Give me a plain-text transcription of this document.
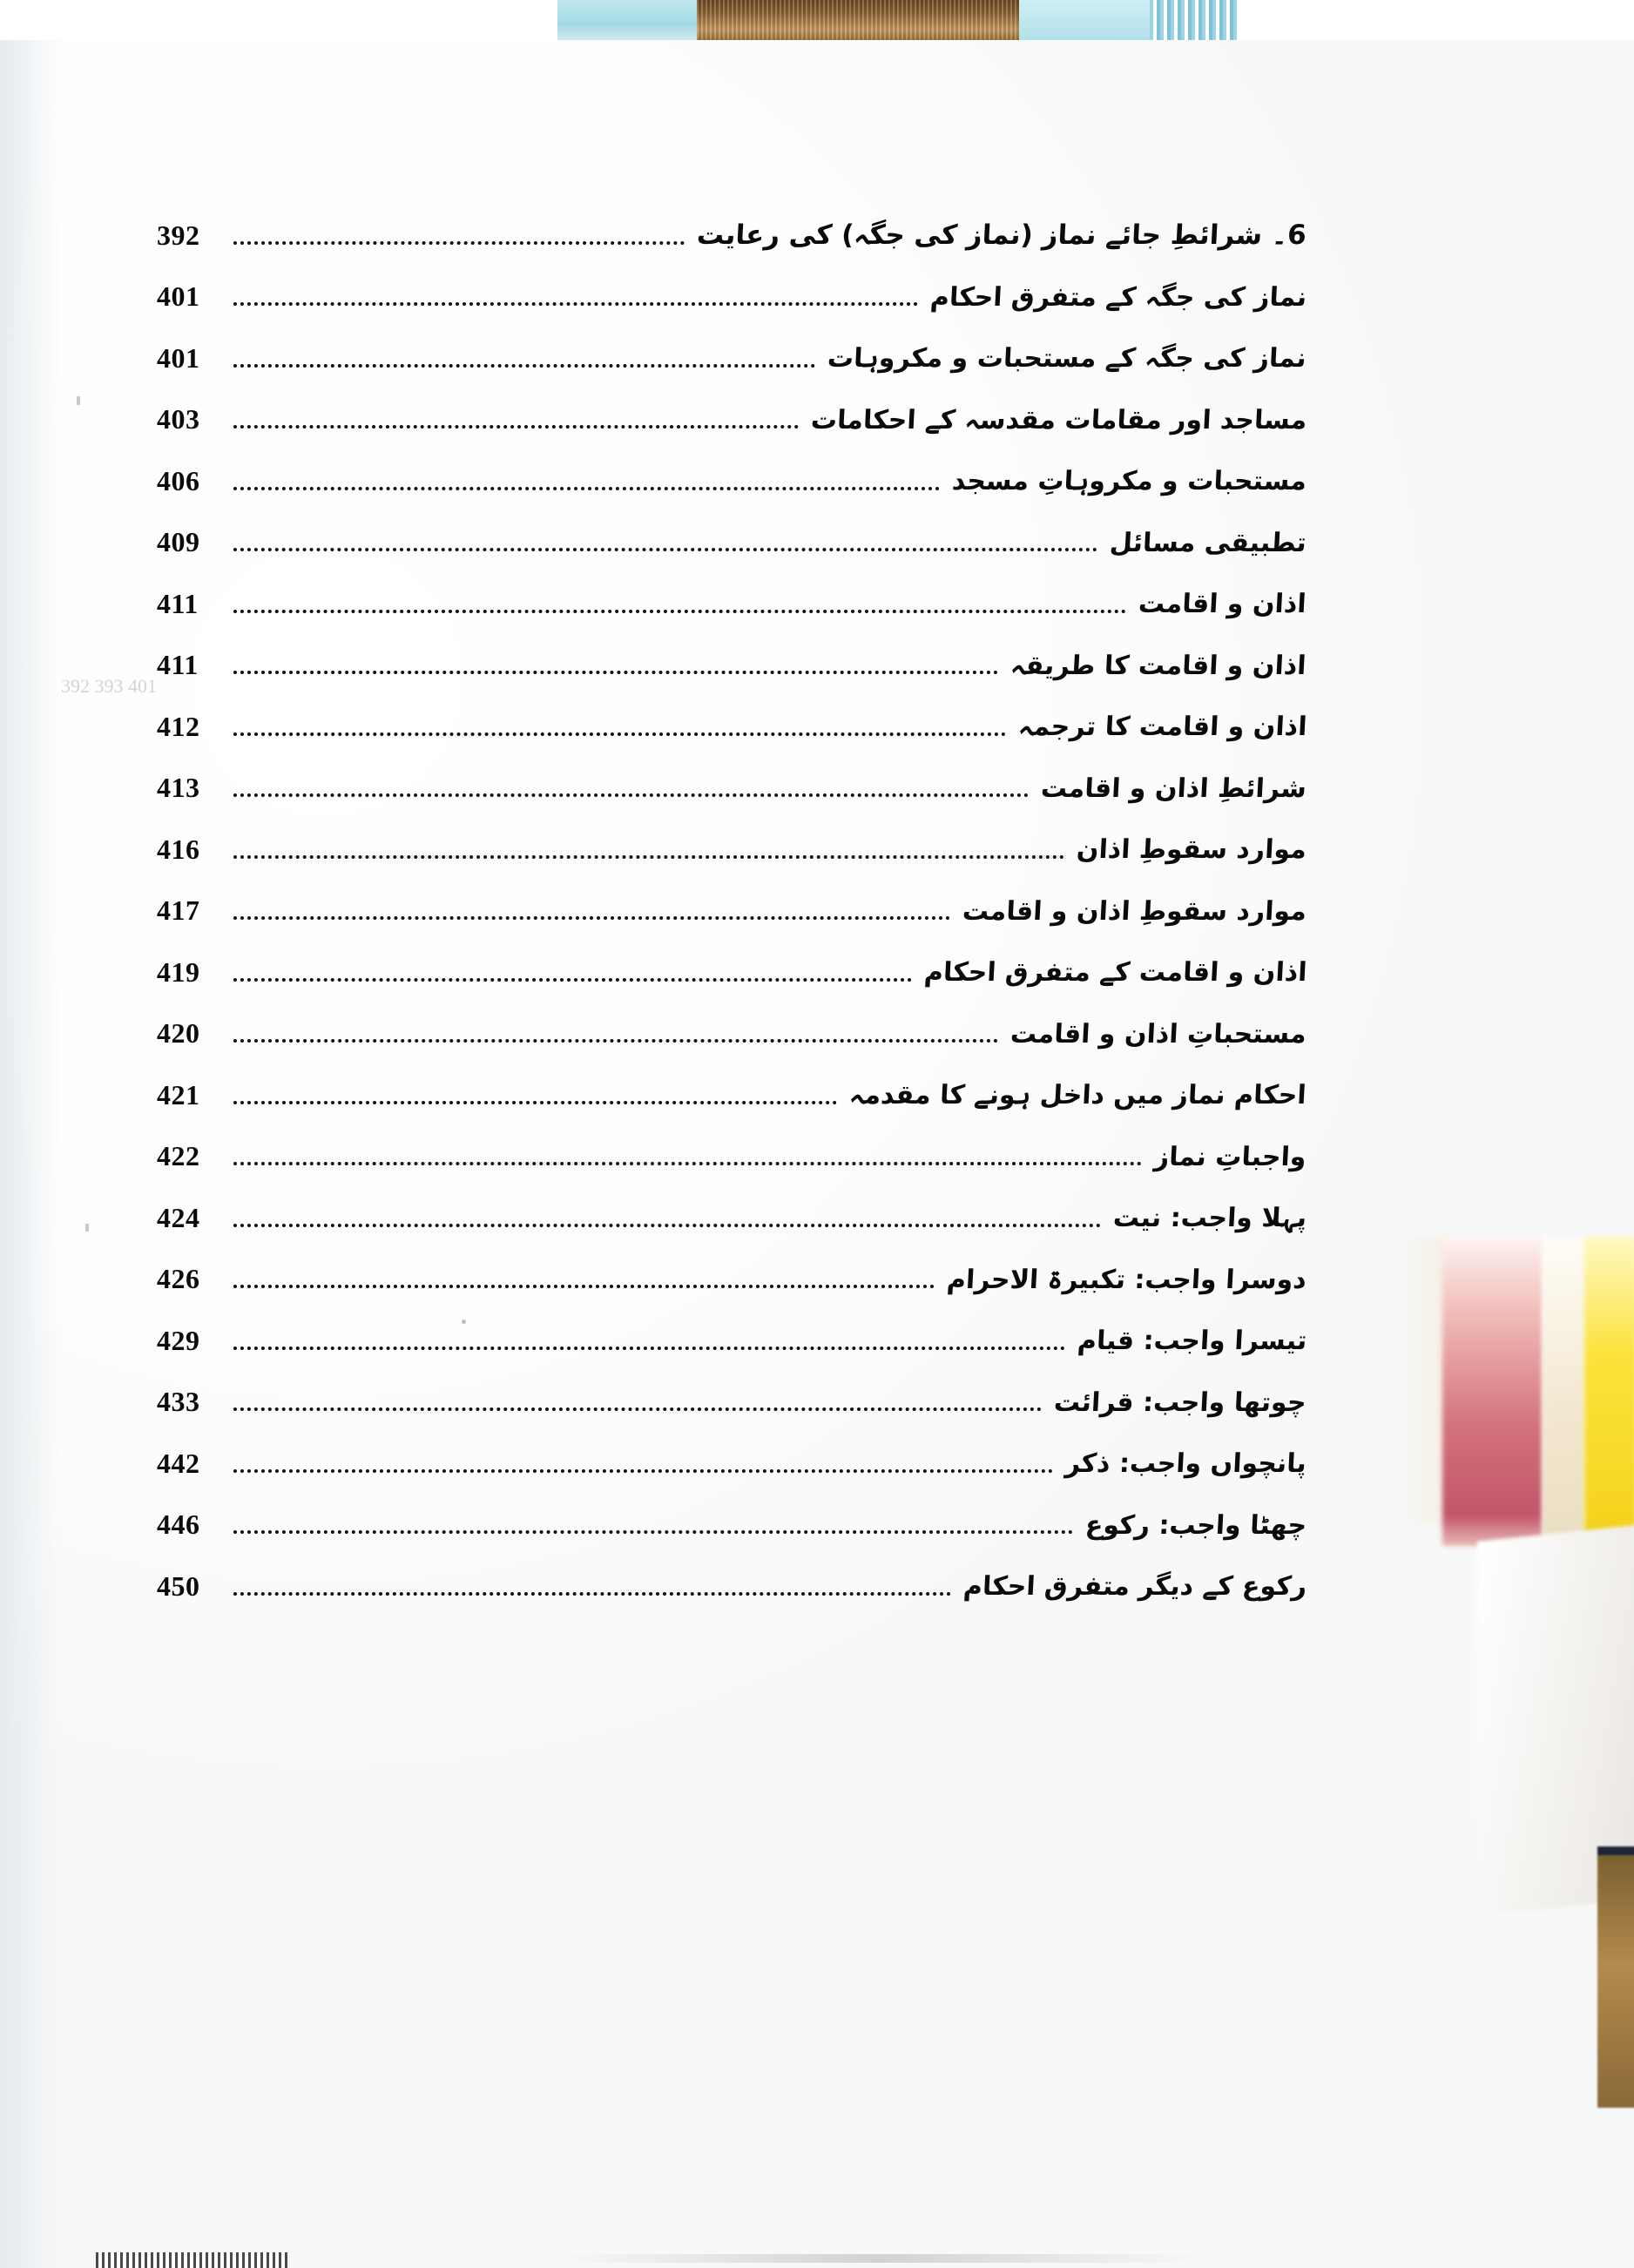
392 393 401
6۔ شرائطِ جائے نماز (نماز کی جگہ) کی رعایت
392
نماز کی جگہ کے متفرق احکام
401
نماز کی جگہ کے مستحبات و مکروہات
401
مساجد اور مقامات مقدسہ کے احکامات
403
مستحبات و مکروہاتِ مسجد
406
تطبیقی مسائل
409
اذان و اقامت
411
اذان و اقامت کا طریقہ
411
اذان و اقامت کا ترجمہ
412
شرائطِ اذان و اقامت
413
موارد سقوطِ اذان
416
موارد سقوطِ اذان و اقامت
417
اذان و اقامت کے متفرق احکام
419
مستحباتِ اذان و اقامت
420
احکام نماز میں داخل ہونے کا مقدمہ
421
واجباتِ نماز
422
پہلا واجب: نیت
424
دوسرا واجب: تکبیرۃ الاحرام
426
تیسرا واجب: قیام
429
چوتھا واجب: قرائت
433
پانچواں واجب: ذکر
442
چھٹا واجب: رکوع
446
رکوع کے دیگر متفرق احکام
450
